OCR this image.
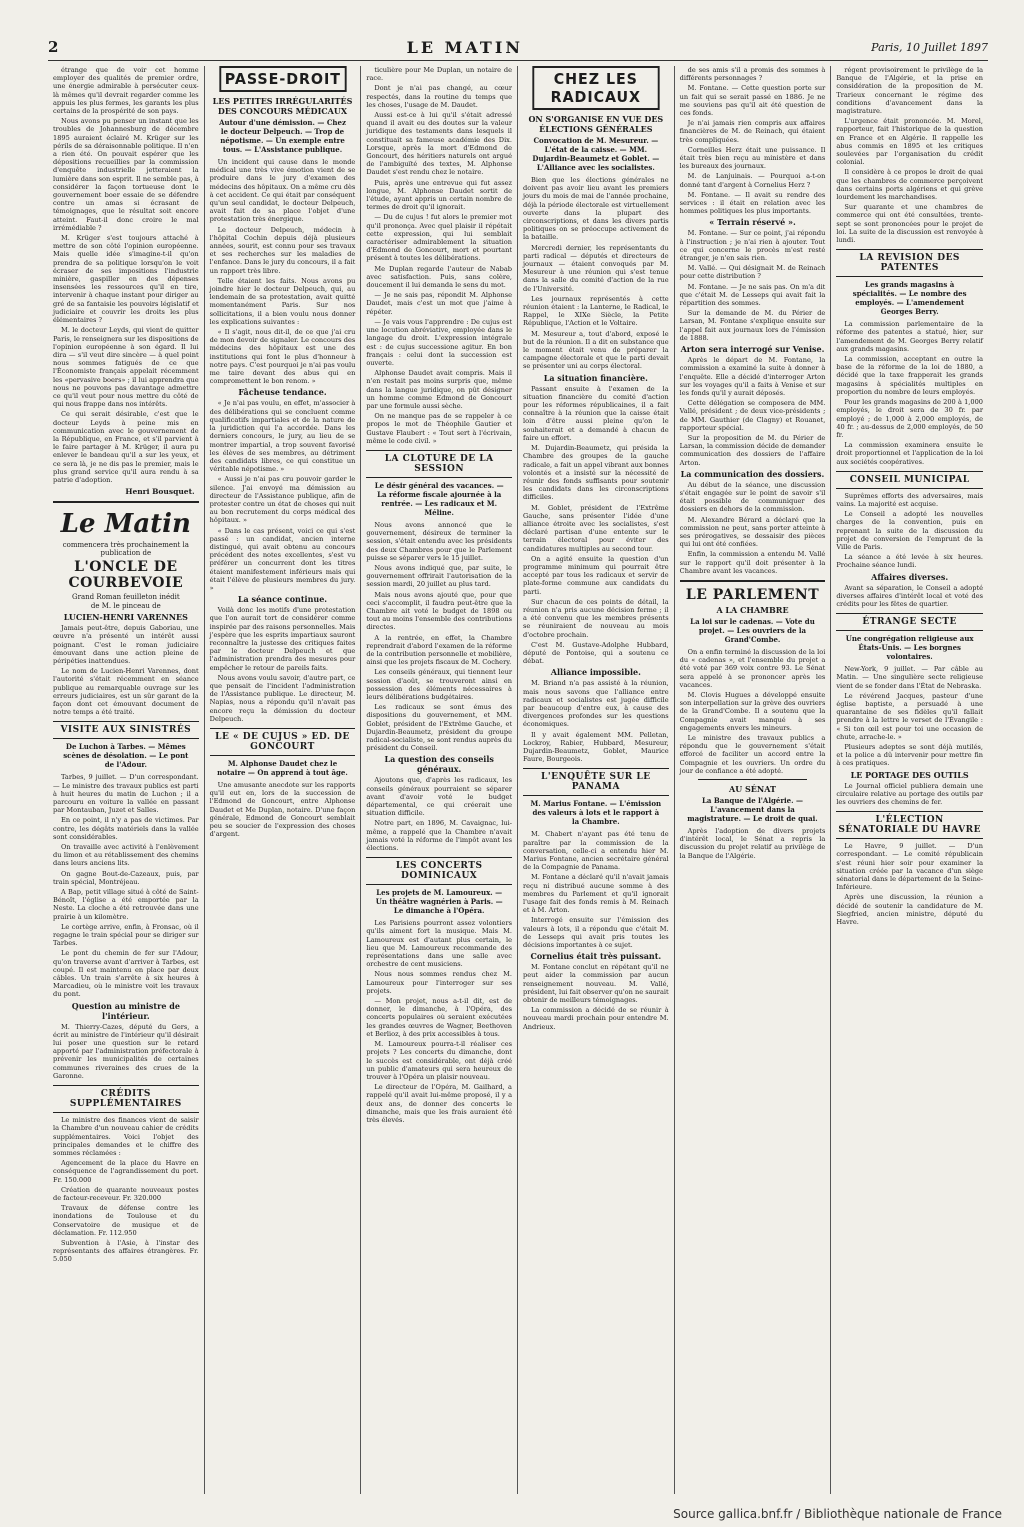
2	LE MATIN	Paris, 10 Juillet 1897

étrange que de voir cet homme employer des qualités de premier ordre, une énergie admirable à persécuter ceux-là mêmes qu'il devrait regarder comme les appuis les plus fermes, les garants les plus certains de la prospérité de son pays.

Nous avons pu penser un instant que les troubles de Johannesburg de décembre 1895 auraient éclairé M. Krüger sur les périls de sa déraisonnable politique. Il n'en a rien été. On pouvait espérer que les dépositions recueillies par la commission d'enquête industrielle jetteraient la lumière dans son esprit. Il ne semble pas, à considérer la façon tortueuse dont le gouvernement boer essaie de se défendre contre un amas si écrasant de témoignages, que le résultat soit encore atteint. Faut-il donc croire le mal irrémédiable ?

M. Krüger s'est toujours attaché à mettre de son côté l'opinion européenne. Mais quelle idée s'imagine-t-il qu'on prendra de sa politique lorsqu'on le voit écraser de ses impositions l'industrie minière, gaspiller en des dépenses insensées les ressources qu'il en tire, intervenir à chaque instant pour diriger au gré de sa fantaisie les pouvoirs législatif et judiciaire et couvrir les droits les plus élémentaires ?

M. le docteur Leyds, qui vient de quitter Paris, le renseignera sur les dispositions de l'opinion européenne à son égard. Il lui dira — s'il veut dire sincère — à quel point nous sommes fatigués de ce que l'Économiste français appelait récemment les «pervasive boers» ; il lui apprendra que nous ne pouvons pas davantage admettre ce qu'il veut pour nous mettre du côté de qui nous frappe dans nos intérêts.

Ce qui serait désirable, c'est que le docteur Leyds à peine mis en communication avec le gouvernement de la République, en France, et s'il parvient à le faire partager à M. Krüger, il aura pu enlever le bandeau qu'il a sur les yeux, et ce sera là, je ne dis pas le premier, mais le plus grand service qu'il aura rendu à sa patrie d'adoption.

Henri Bousquet.
Le Matin
commencera très prochainement la publication de
L'ONCLE DE COURBEVOIE
Grand Roman feuilleton inédit
de M. le pinceau de
LUCIEN-HENRI VARENNES

Jamais peut-être, depuis Gaboriau, une œuvre n'a présenté un intérêt aussi poignant. C'est le roman judiciaire émouvant dans une action pleine de péripéties inattendues.

Le nom de Lucien-Henri Varennes, dont l'autorité s'était récemment en séance publique au remarquable ouvrage sur les erreurs judiciaires, est un sûr garant de la façon dont cet émouvant document de notre temps a été traité.

VISITE AUX SINISTRÉS
De Luchon à Tarbes. — Mêmes scènes de désolation. — Le pont de l'Adour.

Tarbes, 9 juillet. — D'un correspondant. — Le ministre des travaux publics est parti à huit heures du matin de Luchon ; il a parcouru en voiture la vallée en passant par Montauban, Juzet et Salles.

En ce point, il n'y a pas de victimes. Par contre, les dégâts matériels dans la vallée sont considérables.

On travaille avec activité à l'enlèvement du limon et au rétablissement des chemins dans leurs anciens lits.

On gagne Bout-de-Cazeaux, puis, par train spécial, Montréjeau.

A Bap, petit village situé à côté de Saint-Bénoît, l'église a été emportée par la Neste. La cloche a été retrouvée dans une prairie à un kilomètre.

Le cortège arrive, enfin, à Fronsac, où il regagne le train spécial pour se diriger sur Tarbes.

Le pont du chemin de fer sur l'Adour, qu'on traverse avant d'arriver à Tarbes, est coupé. Il est maintenu en place par deux câbles. Un train s'arrête à six heures à Marcadieu, où le ministre voit les travaux du pont.

Question au ministre de l'intérieur.

M. Thierry-Cazes, député du Gers, a écrit au ministre de l'intérieur qu'il désirait lui poser une question sur le retard apporté par l'administration préfectorale à prévenir les municipalités de certaines communes riveraines des crues de la Garonne.

CRÉDITS SUPPLÉMENTAIRES

Le ministre des finances vient de saisir la Chambre d'un nouveau cahier de crédits supplémentaires. Voici l'objet des principales demandes et le chiffre des sommes réclamées :

Agencement de la place du Havre en conséquence de l'agrandissement du port. Fr. 150.000

Création de quarante nouveaux postes de facteur-receveur. Fr. 320.000

Travaux de défense contre les inondations de Toulouse et du Conservatoire de musique et de déclamation. Fr. 112.950

Subvention à l'Asie, à l'instar des représentants des affaires étrangères. Fr. 5.050

PASSE-DROIT
LES PETITES IRRÉGULARITÉS DES CONCOURS MÉDICAUX
Autour d'une démission. — Chez le docteur Delpeuch. — Trop de népotisme. — Un exemple entre tous. — L'Assistance publique.

Un incident qui cause dans le monde médical une très vive émotion vient de se produire dans le jury d'examen des médecins des hôpitaux. On a même cru dès à cet accident. Ce qui était par conséquent qu'un seul candidat, le docteur Delpeuch, avait fait de sa place l'objet d'une protestation très énergique.

Le docteur Delpeuch, médecin à l'hôpital Cochin depuis déjà plusieurs années, sourit, est connu pour ses travaux et ses recherches sur les maladies de l'enfance. Dans le jury du concours, il a fait un rapport très libre.

Telle étaient les faits. Nous avons pu joindre hier le docteur Delpeuch, qui, au lendemain de sa protestation, avait quitté momentanément Paris. Sur nos sollicitations, il a bien voulu nous donner les explications suivantes :

« Il s'agit, nous dit-il, de ce que j'ai cru de mon devoir de signaler. Le concours des médecins des hôpitaux est une des institutions qui font le plus d'honneur à notre pays. C'est pourquoi je n'ai pas voulu me taire devant des abus qui en compromettent le bon renom. »

Fâcheuse tendance.

« Je n'ai pas voulu, en effet, m'associer à des délibérations qui se concluent comme qualificatifs impartiales et de la nature de la juridiction qui l'a accordée. Dans les derniers concours, le jury, au lieu de se montrer impartial, a trop souvent favorisé les élèves de ses membres, au détriment des candidats libres, ce qui constitue un véritable népotisme. »

« Aussi je n'ai pas cru pouvoir garder le silence. J'ai envoyé ma démission au directeur de l'Assistance publique, afin de protester contre un état de choses qui nuit au bon recrutement du corps médical des hôpitaux. »

« Dans le cas présent, voici ce qui s'est passé : un candidat, ancien interne distingué, qui avait obtenu au concours précédent des notes excellentes, s'est vu préférer un concurrent dont les titres étaient manifestement inférieurs mais qui était l'élève de plusieurs membres du jury. »

La séance continue.

Voilà donc les motifs d'une protestation que l'on aurait tort de considérer comme inspirée par des raisons personnelles. Mais j'espère que les esprits impartiaux sauront reconnaître la justesse des critiques faites par le docteur Delpeuch et que l'administration prendra des mesures pour empêcher le retour de pareils faits.

Nous avons voulu savoir, d'autre part, ce que pensait de l'incident l'administration de l'Assistance publique. Le directeur, M. Napias, nous a répondu qu'il n'avait pas encore reçu la démission du docteur Delpeuch.

LE « DE CUJUS » ED. DE GONCOURT
M. Alphonse Daudet chez le notaire — On apprend à tout âge.

Une amusante anecdote sur les rapports qu'il eut en, lors de la succession de l'Edmond de Goncourt, entre Alphonse Daudet et Me Duplan, notaire. D'une façon générale, Edmond de Goncourt semblait peu se soucier de l'expression des choses d'argent.

ticulière pour Me Duplan, un notaire de race.

Dont je n'ai pas changé, au cœur respectés, dans la routine du temps que les choses, l'usage de M. Daudet.

Aussi est-ce à lui qu'il s'était adressé quand il avait eu des doutes sur la valeur juridique des testaments dans lesquels il constituait sa fameuse académie des Dix. Lorsque, après la mort d'Edmond de Goncourt, des héritiers naturels ont argué de l'ambiguïté des textes, M. Alphonse Daudet s'est rendu chez le notaire.

Puis, après une entrevue qui fut assez longue, M. Alphonse Daudet sortit de l'étude, ayant appris un certain nombre de termes de droit qu'il ignorait.

— Du de cujus ! fut alors le premier mot qu'il prononça. Avec quel plaisir il répétait cette expression, qui lui semblait caractériser admirablement la situation d'Edmond de Goncourt, mort et pourtant présent à toutes les délibérations.

Me Duplan regarde l'auteur de Nabab avec satisfaction. Puis, sans colère, doucement il lui demanda le sens du mot.

— Je ne sais pas, répondit M. Alphonse Daudet, mais c'est un mot que j'aime à répéter.

— Je vais vous l'apprendre : De cujus est une locution abréviative, employée dans le langage du droit. L'expression intégrale est : de cujus successione agitur. En bon français : celui dont la succession est ouverte.

Alphonse Daudet avait compris. Mais il n'en restait pas moins surpris que, même dans la langue juridique, on pût désigner un homme comme Edmond de Goncourt par une formule aussi sèche.

On ne manque pas de se rappeler à ce propos le mot de Théophile Gautier et Gustave Flaubert : « Tout sert à l'écrivain, même le code civil. »

LA CLOTURE DE LA SESSION
Le désir général des vacances. — La réforme fiscale ajournée à la rentrée. — Les radicaux et M. Méline.

Nous avons annoncé que le gouvernement, désireux de terminer la session, s'était entendu avec les présidents des deux Chambres pour que le Parlement puisse se séparer vers le 15 juillet.

Nous avons indiqué que, par suite, le gouvernement offrirait l'autorisation de la session mardi, 20 juillet au plus tard.

Mais nous avons ajouté que, pour que ceci s'accomplit, il faudra peut-être que la Chambre ait voté le budget de 1898 ou tout au moins l'ensemble des contributions directes.

A la rentrée, en effet, la Chambre reprendrait d'abord l'examen de la réforme de la contribution personnelle et mobilière, ainsi que les projets fiscaux de M. Cochery.

Les conseils généraux, qui tiennent leur session d'août, se trouveront ainsi en possession des éléments nécessaires à leurs délibérations budgétaires.

Les radicaux se sont émus des dispositions du gouvernement, et MM. Goblet, président de l'Extrême Gauche, et Dujardin-Beaumetz, président du groupe radical-socialiste, se sont rendus auprès du président du Conseil.

La question des conseils généraux.

Ajoutons que, d'après les radicaux, les conseils généraux pourraient se séparer avant d'avoir voté le budget départemental, ce qui créerait une situation difficile.

Notre part, en 1896, M. Cavaignac, lui-même, a rappelé que la Chambre n'avait jamais voté la réforme de l'impôt avant les élections.

LES CONCERTS DOMINICAUX
Les projets de M. Lamoureux. — Un théâtre wagnérien à Paris. — Le dimanche à l'Opéra.

Les Parisiens pourront assez volontiers qu'ils aiment fort la musique. Mais M. Lamoureux est d'autant plus certain, le lieu que M. Lamoureux recommande des représentations dans une salle avec orchestre de cent musiciens.

Nous nous sommes rendus chez M. Lamoureux pour l'interroger sur ses projets.

— Mon projet, nous a-t-il dit, est de donner, le dimanche, à l'Opéra, des concerts populaires où seraient exécutées les grandes œuvres de Wagner, Beethoven et Berlioz, à des prix accessibles à tous.

M. Lamoureux pourra-t-il réaliser ces projets ? Les concerts du dimanche, dont le succès est considérable, ont déjà créé un public d'amateurs qui sera heureux de trouver à l'Opéra un plaisir nouveau.

Le directeur de l'Opéra, M. Gailhard, a rappelé qu'il avait lui-même proposé, il y a deux ans, de donner des concerts le dimanche, mais que les frais auraient été très élevés.

CHEZ LES RADICAUX
ON S'ORGANISE EN VUE DES ÉLECTIONS GÉNÉRALES
Convocation de M. Mesureur. — L'état de la caisse. — MM. Dujardin-Beaumetz et Goblet. — L'Alliance avec les socialistes.

Bien que les élections générales ne doivent pas avoir lieu avant les premiers jours du mois de mai de l'année prochaine, déjà la période électorale est virtuellement ouverte dans la plupart des circonscriptions, et dans les divers partis politiques on se préoccupe activement de la bataille.

Mercredi dernier, les représentants du parti radical — députés et directeurs de journaux — étaient convoqués par M. Mesureur à une réunion qui s'est tenue dans la salle du comité d'action de la rue de l'Université.

Les journaux représentés à cette réunion étaient : la Lanterne, le Radical, le Rappel, le XIXe Siècle, la Petite République, l'Action et le Voltaire.

M. Mesureur a, tout d'abord, exposé le but de la réunion. Il a dit en substance que le moment était venu de préparer la campagne électorale et que le parti devait se présenter uni au corps électoral.

La situation financière.

Passant ensuite à l'examen de la situation financière du comité d'action pour les réformes républicaines, il a fait connaître à la réunion que la caisse était loin d'être aussi pleine qu'on le souhaiterait et a demandé à chacun de faire un effort.

M. Dujardin-Beaumetz, qui présida la Chambre des groupes de la gauche radicale, a fait un appel vibrant aux bonnes volontés et a insisté sur la nécessité de réunir des fonds suffisants pour soutenir les candidats dans les circonscriptions difficiles.

M. Goblet, président de l'Extrême Gauche, sans présenter l'idée d'une alliance étroite avec les socialistes, s'est déclaré partisan d'une entente sur le terrain électoral pour éviter des candidatures multiples au second tour.

On a agité ensuite la question d'un programme minimum qui pourrait être accepté par tous les radicaux et servir de plate-forme commune aux candidats du parti.

Sur chacun de ces points de détail, la réunion n'a pris aucune décision ferme ; il a été convenu que les membres présents se réuniraient de nouveau au mois d'octobre prochain.

C'est M. Gustave-Adolphe Hubbard, député de Pontoise, qui a soutenu ce débat.

Alliance impossible.

M. Briand n'a pas assisté à la réunion, mais nous savons que l'alliance entre radicaux et socialistes est jugée difficile par beaucoup d'entre eux, à cause des divergences profondes sur les questions économiques.

Il y avait également MM. Pelletan, Lockroy, Rabier, Hubbard, Mesureur, Dujardin-Beaumetz, Goblet, Maurice Faure, Bourgeois.

L'ENQUÊTE SUR LE PANAMA
M. Marius Fontane. — L'émission des valeurs à lots et le rapport à la Chambre.

M. Chabert n'ayant pas été tenu de paraître par la commission de la conversation, celle-ci a entendu hier M. Marius Fontane, ancien secrétaire général de la Compagnie de Panama.

M. Fontane a déclaré qu'il n'avait jamais reçu ni distribué aucune somme à des membres du Parlement et qu'il ignorait l'usage fait des fonds remis à M. Reinach et à M. Arton.

Interrogé ensuite sur l'émission des valeurs à lots, il a répondu que c'était M. de Lesseps qui avait pris toutes les décisions importantes à ce sujet.

Cornelius était très puissant.

M. Fontane conclut en répétant qu'il ne peut aider la commission par aucun renseignement nouveau. M. Vallé, président, lui fait observer qu'on ne saurait obtenir de meilleurs témoignages.

La commission a décidé de se réunir à nouveau mardi prochain pour entendre M. Andrieux.

de ses amis s'il a promis des sommes à différents personnages ?

M. Fontane. — Cette question porte sur un fait qui se serait passé en 1886. Je ne me souviens pas qu'il ait été question de ces fonds.

Je n'ai jamais rien compris aux affaires financières de M. de Reinach, qui étaient très compliquées.

Corneilles Herz était une puissance. Il était très bien reçu au ministère et dans les bureaux des journaux.

M. de Lanjuinais. — Pourquoi a-t-on donné tant d'argent à Cornelius Herz ?

M. Fontane. — Il avait su rendre des services : il était en relation avec les hommes politiques les plus importants.

« Terrain réservé ».

M. Fontane. — Sur ce point, j'ai répondu à l'instruction ; je n'ai rien à ajouter. Tout ce qui concerne le procès m'est resté étranger, je n'en sais rien.

M. Vallé. — Qui désignait M. de Reinach pour cette distribution ?

M. Fontane. — Je ne sais pas. On m'a dit que c'était M. de Lesseps qui avait fait la répartition des sommes.

Sur la demande de M. du Périer de Larsan, M. Fontane s'explique ensuite sur l'appel fait aux journaux lors de l'émission de 1888.

Arton sera interrogé sur Venise.

Après le départ de M. Fontane, la commission a examiné la suite à donner à l'enquête. Elle a décidé d'interroger Arton sur les voyages qu'il a faits à Venise et sur les fonds qu'il y aurait déposés.

Cette délégation se composera de MM. Vallé, président ; de deux vice-présidents ; de MM. Gauthier (de Clagny) et Rouanet, rapporteur spécial.

Sur la proposition de M. du Périer de Larsan, la commission décide de demander communication des dossiers de l'affaire Arton.

La communication des dossiers.

Au début de la séance, une discussion s'était engagée sur le point de savoir s'il était possible de communiquer des dossiers en dehors de la commission.

M. Alexandre Bérard a déclaré que la commission ne peut, sans porter atteinte à ses prérogatives, se dessaisir des pièces qui lui ont été confiées.

Enfin, la commission a entendu M. Vallé sur le rapport qu'il doit présenter à la Chambre avant les vacances.

LE PARLEMENT
A LA CHAMBRE
La loi sur le cadenas. — Vote du projet. — Les ouvriers de la Grand'Combe.

On a enfin terminé la discussion de la loi du « cadenas », et l'ensemble du projet a été voté par 369 voix contre 93. Le Sénat sera appelé à se prononcer après les vacances.

M. Clovis Hugues a développé ensuite son interpellation sur la grève des ouvriers de la Grand'Combe. Il a soutenu que la Compagnie avait manqué à ses engagements envers les mineurs.

Le ministre des travaux publics a répondu que le gouvernement s'était efforcé de faciliter un accord entre la Compagnie et les ouvriers. Un ordre du jour de confiance a été adopté.

AU SÉNAT
La Banque de l'Algérie. — L'avancement dans la magistrature. — Le droit de quai.

Après l'adoption de divers projets d'intérêt local, le Sénat a repris la discussion du projet relatif au privilège de la Banque de l'Algérie.

régent provisoirement le privilège de la Banque de l'Algérie, et la prise en considération de la proposition de M. Trarieux concernant le régime des conditions d'avancement dans la magistrature.

L'urgence était prononcée. M. Morel, rapporteur, fait l'historique de la question en France et en Algérie. Il rappelle les abus commis en 1895 et les critiques soulevées par l'organisation du crédit colonial.

Il considère à ce propos le droit de quai que les chambres de commerce perçoivent dans certains ports algériens et qui grève lourdement les marchandises.

Sur quarante et une chambres de commerce qui ont été consultées, trente-sept se sont prononcées pour le projet de loi. La suite de la discussion est renvoyée à lundi.

LA REVISION DES PATENTES
Les grands magasins à spécialités. — Le nombre des employés. — L'amendement Georges Berry.

La commission parlementaire de la réforme des patentes a statué, hier, sur l'amendement de M. Georges Berry relatif aux grands magasins.

La commission, acceptant en outre la base de la réforme de la loi de 1880, a décidé que la taxe frapperait les grands magasins à spécialités multiples en proportion du nombre de leurs employés.

Pour les grands magasins de 200 à 1,000 employés, le droit sera de 30 fr. par employé ; de 1,000 à 2,000 employés, de 40 fr. ; au-dessus de 2,000 employés, de 50 fr.

La commission examinera ensuite le droit proportionnel et l'application de la loi aux sociétés coopératives.

CONSEIL MUNICIPAL

Suprêmes efforts des adversaires, mais vains. La majorité est acquise.

Le Conseil a adopté les nouvelles charges de la convention, puis en reprenant la suite de la discussion du projet de conversion de l'emprunt de la Ville de Paris.

La séance a été levée à six heures. Prochaine séance lundi.

Affaires diverses.

Avant sa séparation, le Conseil a adopté diverses affaires d'intérêt local et voté des crédits pour les fêtes de quartier.

ÉTRANGE SECTE
Une congrégation religieuse aux États-Unis. — Les borgnes volontaires.

New-York, 9 juillet. — Par câble au Matin. — Une singulière secte religieuse vient de se fonder dans l'État de Nebraska.

Le révérend Jacques, pasteur d'une église baptiste, a persuadé à une quarantaine de ses fidèles qu'il fallait prendre à la lettre le verset de l'Évangile : « Si ton œil est pour toi une occasion de chute, arrache-le. »

Plusieurs adeptes se sont déjà mutilés, et la police a dû intervenir pour mettre fin à ces pratiques.

LE PORTAGE DES OUTILS

Le Journal officiel publiera demain une circulaire relative au portage des outils par les ouvriers des chemins de fer.

L'ÉLECTION SÉNATORIALE DU HAVRE

Le Havre, 9 juillet. — D'un correspondant. — Le comité républicain s'est réuni hier soir pour examiner la situation créée par la vacance d'un siège sénatorial dans le département de la Seine-Inférieure.

Après une discussion, la réunion a décidé de soutenir la candidature de M. Siegfried, ancien ministre, député du Havre.

Source gallica.bnf.fr / Bibliothèque nationale de France
